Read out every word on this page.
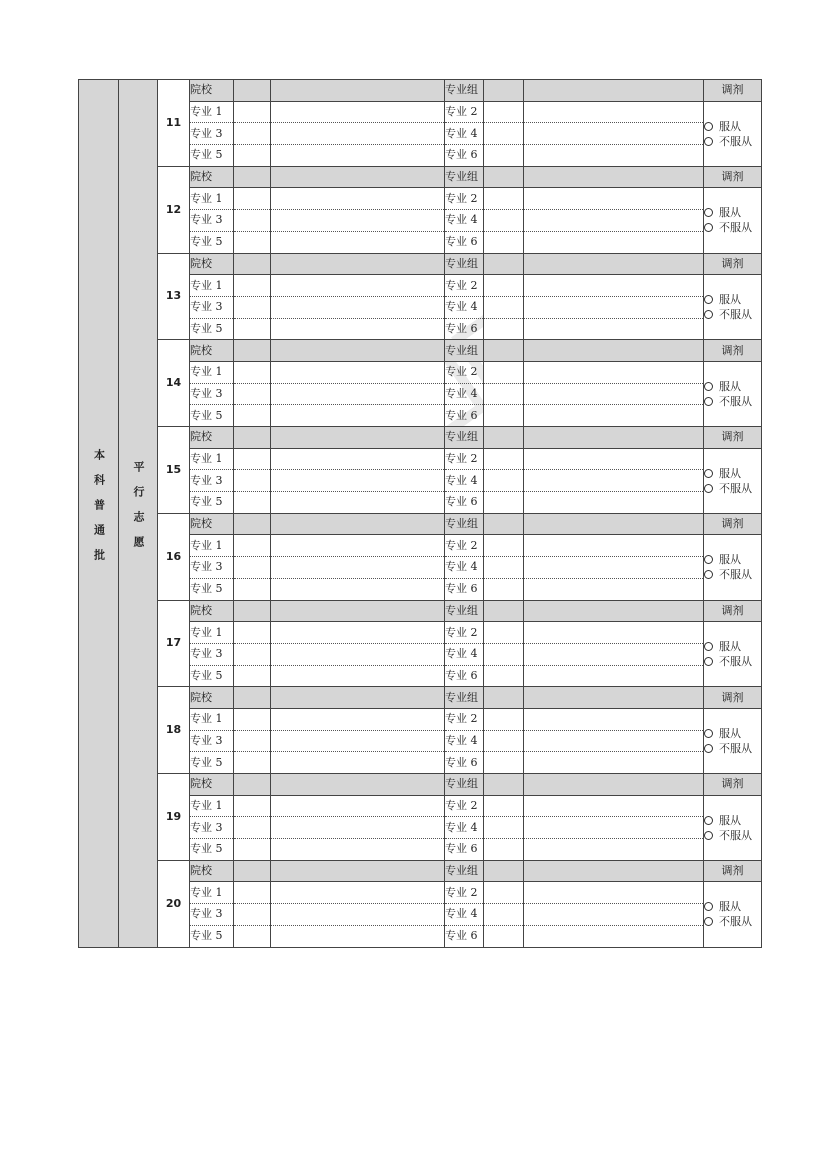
本科普通批	平行志愿	11	院校			专业组			调剂
			专业 1			专业 2			服从
不服从

			专业 3			专业 4			
			专业 5			专业 6			
		12	院校			专业组			调剂
			专业 1			专业 2			服从
不服从

			专业 3			专业 4			
			专业 5			专业 6			
		13	院校			专业组			调剂
			专业 1			专业 2			服从
不服从

			专业 3			专业 4			
			专业 5			专业 6			
		14	院校			专业组			调剂
			专业 1			专业 2			服从
不服从

			专业 3			专业 4			
			专业 5			专业 6			
		15	院校			专业组			调剂
			专业 1			专业 2			服从
不服从

			专业 3			专业 4			
			专业 5			专业 6			
		16	院校			专业组			调剂
			专业 1			专业 2			服从
不服从

			专业 3			专业 4			
			专业 5			专业 6			
		17	院校			专业组			调剂
			专业 1			专业 2			服从
不服从

			专业 3			专业 4			
			专业 5			专业 6			
		18	院校			专业组			调剂
			专业 1			专业 2			服从
不服从

			专业 3			专业 4			
			专业 5			专业 6			
		19	院校			专业组			调剂
			专业 1			专业 2			服从
不服从

			专业 3			专业 4			
			专业 5			专业 6			
		20	院校			专业组			调剂
			专业 1			专业 2			服从
不服从

			专业 3			专业 4			
			专业 5			专业 6			
